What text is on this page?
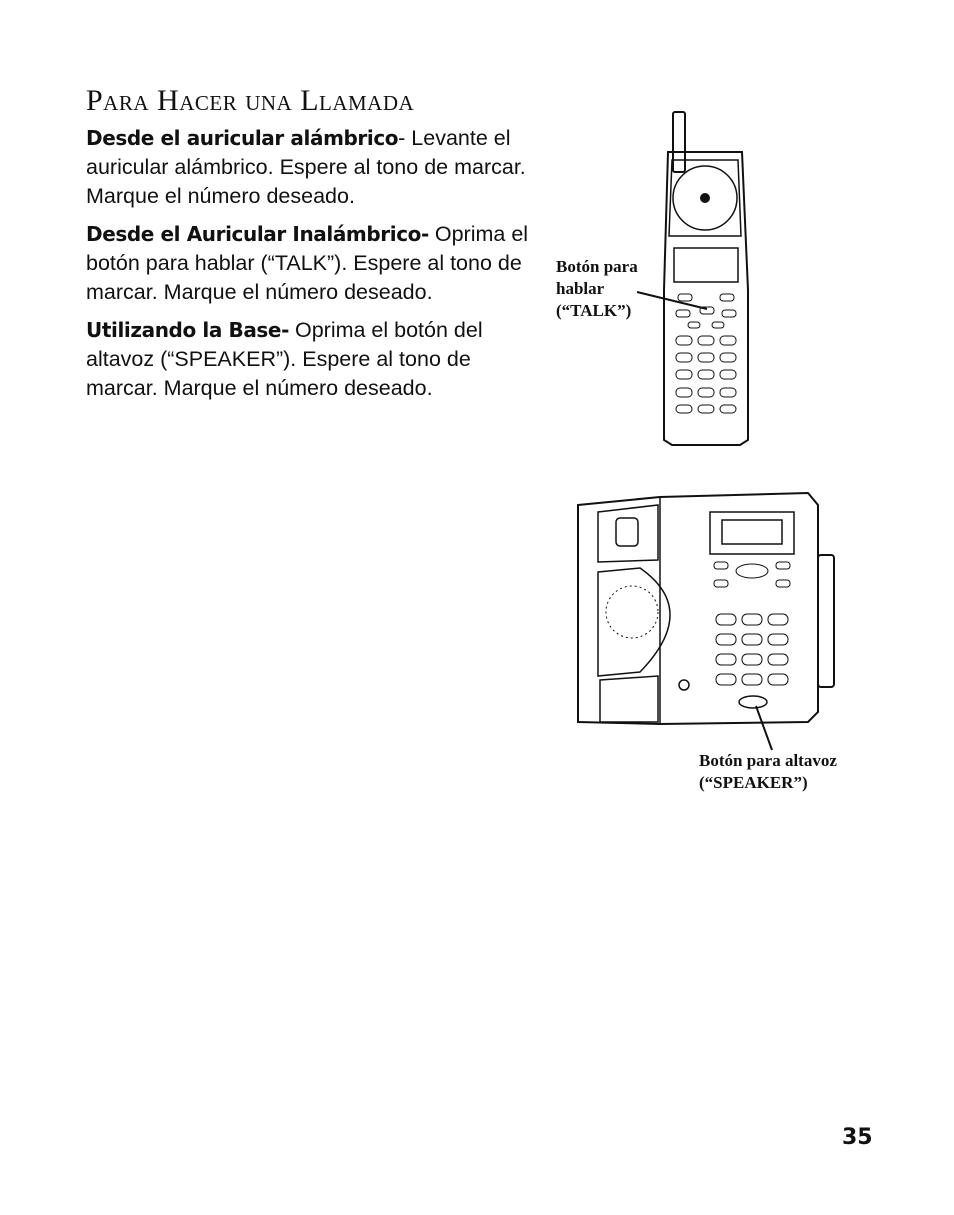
Para Hacer una Llamada

Desde el auricular alámbrico- Levante el auricular alámbrico. Espere al tono de marcar. Marque el número deseado.

Desde el Auricular Inalámbrico- Oprima el botón para hablar (“TALK”). Espere al tono de marcar. Marque el número deseado.

Utilizando la Base- Oprima el botón del altavoz (“SPEAKER”). Espere al tono de marcar. Marque el número deseado.

Botón para
hablar
(“TALK”)
Botón para altavoz
(“SPEAKER”)
35
